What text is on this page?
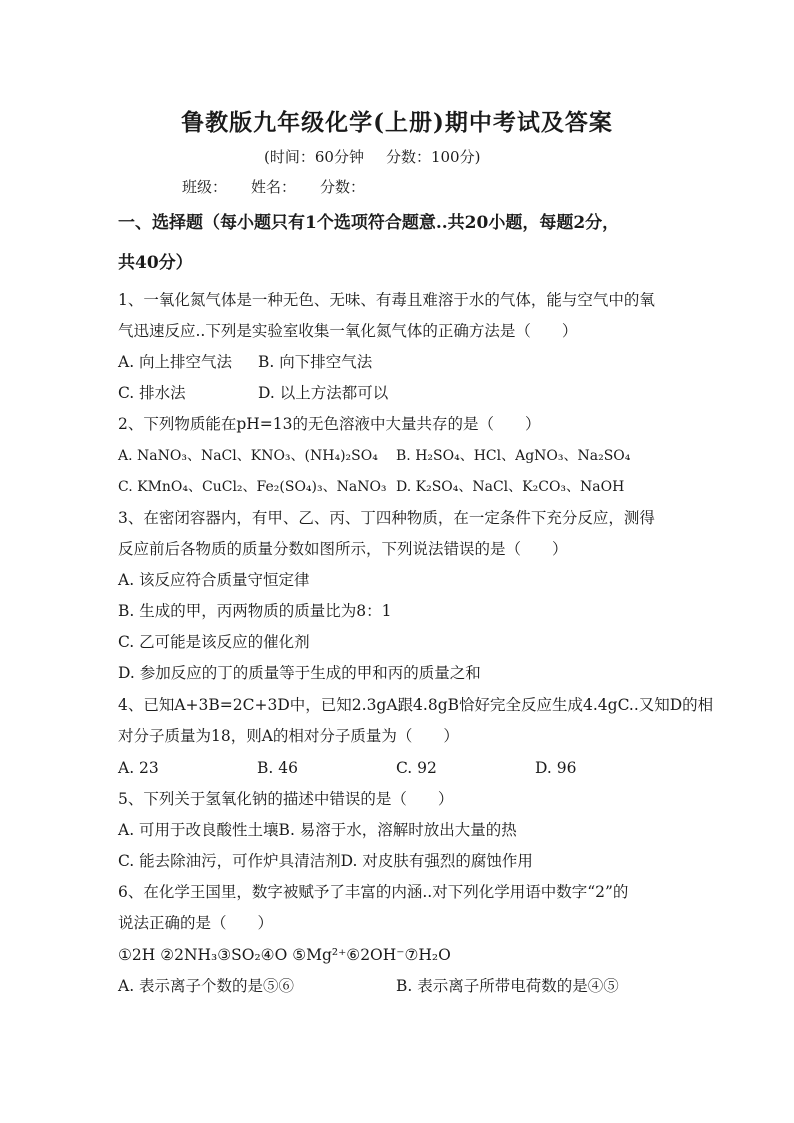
鲁教版九年级化学(上册)期中考试及答案
(时间：60分钟 分数：100分)
班级： 姓名： 分数：
一、选择题（每小题只有1个选项符合题意..共20小题，每题2分，
共40分）
1、一氧化氮气体是一种无色、无味、有毒且难溶于水的气体，能与空气中的氧
气迅速反应..下列是实验室收集一氧化氮气体的正确方法是（　　）
A. 向上排空气法 B. 向下排空气法
C. 排水法	D. 以上方法都可以
2、下列物质能在pH=13的无色溶液中大量共存的是（　　）
A. NaNO₃、NaCl、KNO₃、(NH₄)₂SO₄ B. H₂SO₄、HCl、AgNO₃、Na₂SO₄
C. KMnO₄、CuCl₂、Fe₂(SO₄)₃、NaNO₃ D. K₂SO₄、NaCl、K₂CO₃、NaOH
3、在密闭容器内，有甲、乙、丙、丁四种物质，在一定条件下充分反应，测得
反应前后各物质的质量分数如图所示，下列说法错误的是（　　）
A. 该反应符合质量守恒定律
B. 生成的甲，丙两物质的质量比为8：1
C. 乙可能是该反应的催化剂
D. 参加反应的丁的质量等于生成的甲和丙的质量之和
4、已知A+3B=2C+3D中，已知2.3gA跟4.8gB恰好完全反应生成4.4gC..又知D的相
对分子质量为18，则A的相对分子质量为（　　）
A. 23	B. 46	C. 92	D. 96
5、下列关于氢氧化钠的描述中错误的是（　　）
A. 可用于改良酸性土壤B. 易溶于水，溶解时放出大量的热
C. 能去除油污，可作炉具清洁剂D. 对皮肤有强烈的腐蚀作用
6、在化学王国里，数字被赋予了丰富的内涵..对下列化学用语中数字“2”的
说法正确的是（　　）
①2H ②2NH₃③SO₂④O ⑤Mg²⁺⑥2OH⁻⑦H₂O
A. 表示离子个数的是⑤⑥	B. 表示离子所带电荷数的是④⑤
